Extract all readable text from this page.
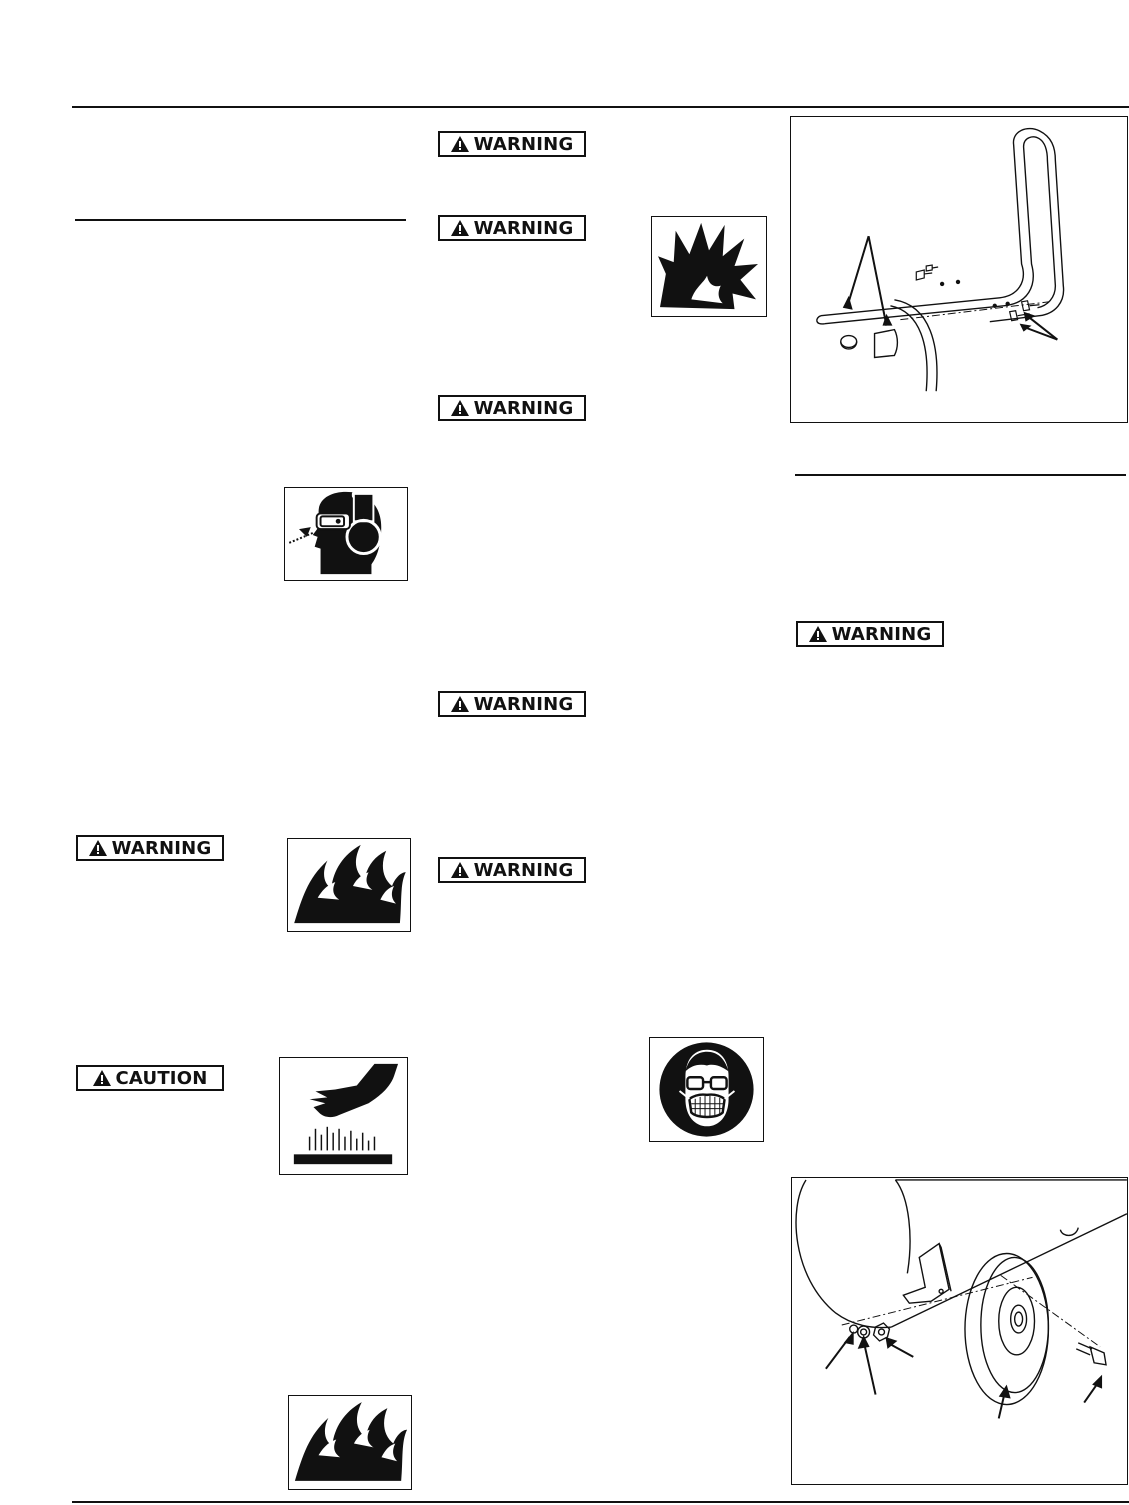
WARNING
CAUTION
WARNING
WARNING
WARNING
WARNING
WARNING
WARNING
